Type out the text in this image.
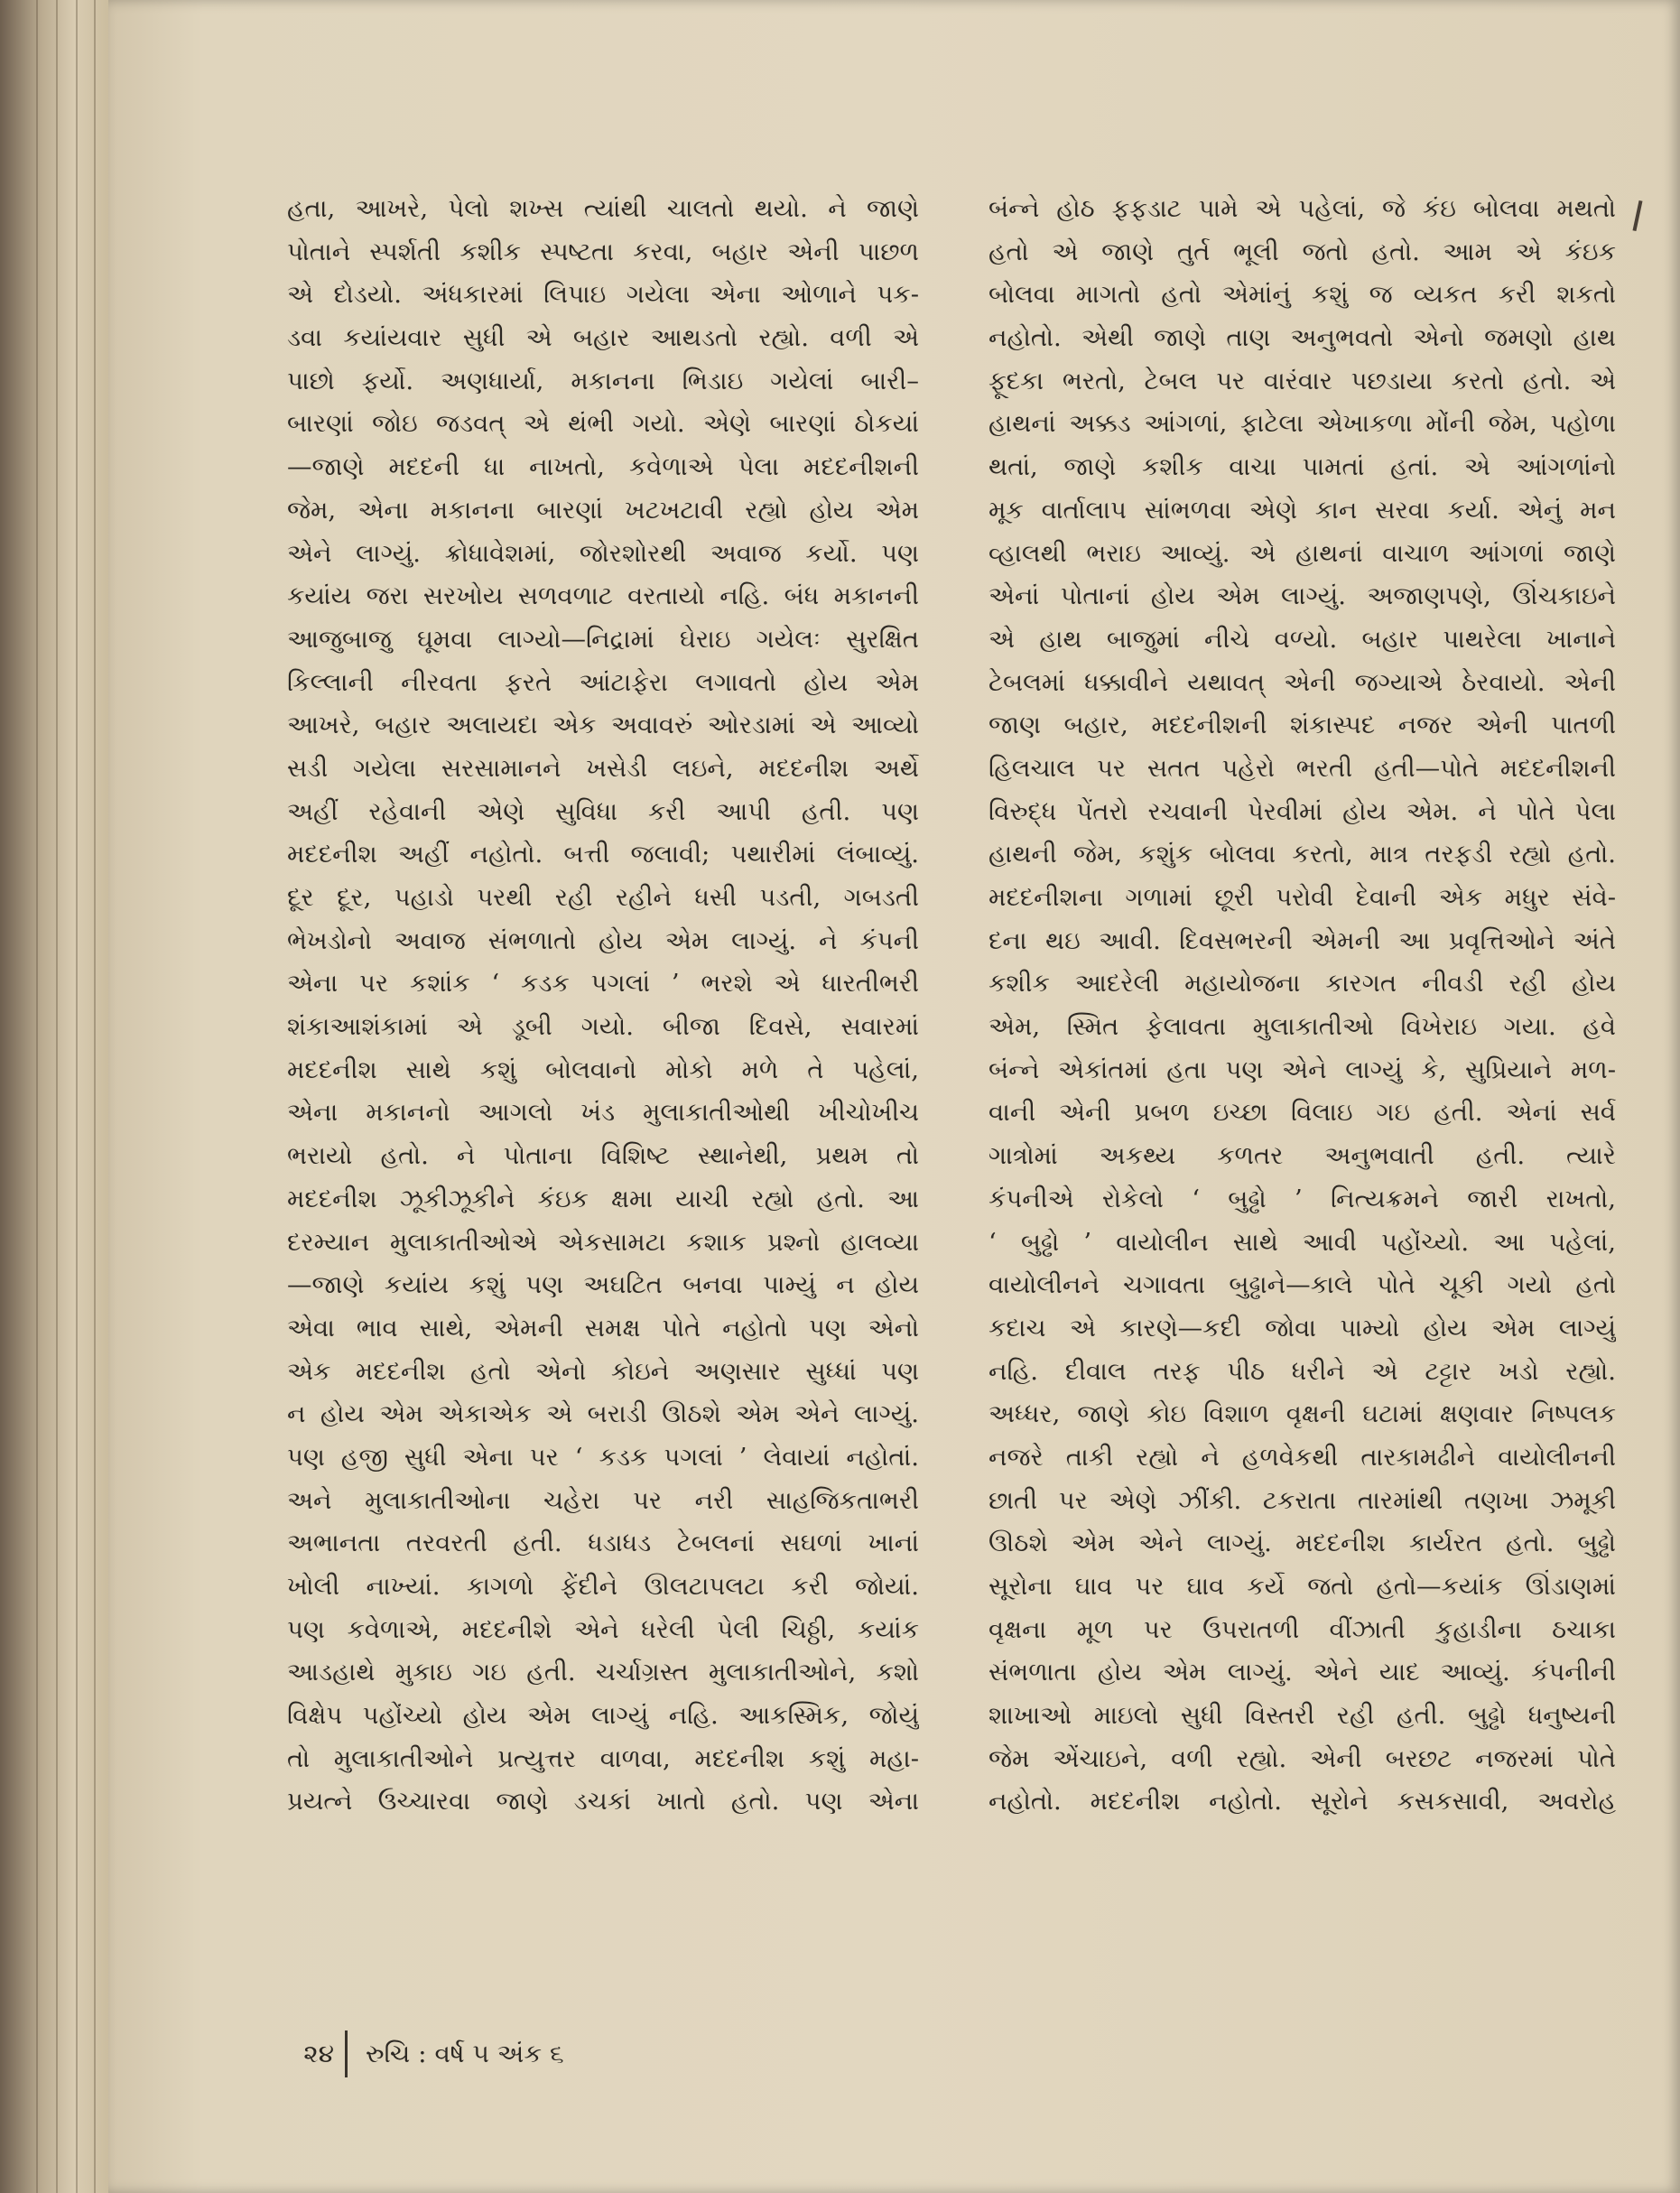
હતા, આખરે, પેલો શખ્સ ત્યાંથી ચાલતો થયો. ને જાણે
પોતાને સ્પર્શતી કશીક સ્પષ્ટતા કરવા, બહાર એની પાછળ
એ દોડયો. અંધકારમાં લિપાઇ ગયેલા એના ઓળાને પક-
ડવા કયાંયવાર સુધી એ બહાર આથડતો રહ્યો. વળી એ
પાછો ફર્યો. અણધાર્યા, મકાનના ભિડાઇ ગયેલાં બારી–
બારણાં જોઇ જડવત્ એ થંભી ગયો. એણે બારણાં ઠોકયાં
—જાણે મદદની ધા નાખતો, કવેળાએ પેલા મદદનીશની
જેમ, એના મકાનના બારણાં ખટખટાવી રહ્યો હોય એમ
એને લાગ્યું. ક્રોધાવેશમાં, જોરશોરથી અવાજ કર્યો. પણ
કયાંય જરા સરખોય સળવળાટ વરતાયો નહિ. બંધ મકાનની
આજુબાજુ ઘૂમવા લાગ્યો—નિદ્રામાં ઘેરાઇ ગયેલઃ સુરક્ષિત
કિલ્લાની નીરવતા ફરતે આંટાફેરા લગાવતો હોય એમ
આખરે, બહાર અલાયદા એક અવાવરું ઓરડામાં એ આવ્યો
સડી ગયેલા સરસામાનને ખસેડી લઇને, મદદનીશ અર્થે
અહીં રહેવાની એણે સુવિધા કરી આપી હતી. પણ
મદદનીશ અહીં નહોતો. બત્તી જલાવી; પથારીમાં લંબાવ્યું.
દૂર દૂર, પહાડો પરથી રહી રહીને ધસી પડતી, ગબડતી
ભેખડોનો અવાજ સંભળાતો હોય એમ લાગ્યું. ને કંપની
એના પર કશાંક ‘ કડક પગલાં ’ ભરશે એ ધારતીભરી
શંકાઆશંકામાં એ ડૂબી ગયો. બીજા દિવસે, સવારમાં
મદદનીશ સાથે કશું બોલવાનો મોકો મળે તે પહેલાં,
એના મકાનનો આગલો ખંડ મુલાકાતીઓથી ખીચોખીચ
ભરાયો હતો. ને પોતાના વિશિષ્ટ સ્થાનેથી, પ્રથમ તો
મદદનીશ ઝૂકીઝૂકીને કંઇક ક્ષમા યાચી રહ્યો હતો. આ
દરમ્યાન મુલાકાતીઓએ એકસામટા કશાક પ્રશ્નો હાલવ્યા
—જાણે કયાંય કશું પણ અઘટિત બનવા પામ્યું ન હોય
એવા ભાવ સાથે, એમની સમક્ષ પોતે નહોતો પણ એનો
એક મદદનીશ હતો એનો કોઇને અણસાર સુધ્ધાં પણ
ન હોય એમ એકાએક એ બરાડી ઊઠશે એમ એને લાગ્યું.
પણ હજી સુધી એના પર ‘ કડક પગલાં ’ લેવાયાં નહોતાં.
અને મુલાકાતીઓના ચહેરા પર નરી સાહજિકતાભરી
અભાનતા તરવરતી હતી. ધડાધડ ટેબલનાં સઘળાં ખાનાં
ખોલી નાખ્યાં. કાગળો ફેંદીને ઊલટાપલટા કરી જોયાં.
પણ કવેળાએ, મદદનીશે એને ધરેલી પેલી ચિઠ્ઠી, કયાંક
આડહાથે મુકાઇ ગઇ હતી. ચર્ચાગ્રસ્ત મુલાકાતીઓને, કશો
વિક્ષેપ પહોંચ્યો હોય એમ લાગ્યું નહિ. આકસ્મિક, જોયું
તો મુલાકાતીઓને પ્રત્યુત્તર વાળવા, મદદનીશ કશું મહા-
પ્રયત્ને ઉચ્ચારવા જાણે ડચકાં ખાતો હતો. પણ એના
બંન્ને હોઠ ફફડાટ પામે એ પહેલાં, જે કંઇ બોલવા મથતો
હતો એ જાણે તુર્ત ભૂલી જતો હતો. આમ એ કંઇક
બોલવા માગતો હતો એમાંનું કશું જ વ્યકત કરી શકતો
નહોતો. એથી જાણે તાણ અનુભવતો એનો જમણો હાથ
ફૂદકા ભરતો, ટેબલ પર વારંવાર પછડાયા કરતો હતો. એ
હાથનાં અક્કડ આંગળાં, ફાટેલા એખાકળા મોંની જેમ, પહોળા
થતાં, જાણે કશીક વાચા પામતાં હતાં. એ આંગળાંનો
મૂક વાર્તાલાપ સાંભળવા એણે કાન સરવા કર્યા. એનું મન
વ્હાલથી ભરાઇ આવ્યું. એ હાથનાં વાચાળ આંગળાં જાણે
એનાં પોતાનાં હોય એમ લાગ્યું. અજાણપણે, ઊંચકાઇને
એ હાથ બાજુમાં નીચે વળ્યો. બહાર પાથરેલા ખાનાને
ટેબલમાં ધક્કાવીને યથાવત્ એની જગ્યાએ ઠેરવાયો. એની
જાણ બહાર, મદદનીશની શંકાસ્પદ નજર એની પાતળી
હિલચાલ પર સતત પહેરો ભરતી હતી—પોતે મદદનીશની
વિરુદ્ધ પેંતરો રચવાની પેરવીમાં હોય એમ. ને પોતે પેલા
હાથની જેમ, કશુંક બોલવા કરતો, માત્ર તરફડી રહ્યો હતો.
મદદનીશના ગળામાં છૂરી પરોવી દેવાની એક મધુર સંવે-
દના થઇ આવી. દિવસભરની એમની આ પ્રવૃત્તિઓને અંતે
કશીક આદરેલી મહાયોજના કારગત નીવડી રહી હોય
એમ, સ્મિત ફેલાવતા મુલાકાતીઓ વિખેરાઇ ગયા. હવે
બંન્ને એકાંતમાં હતા પણ એને લાગ્યું કે, સુપ્રિયાને મળ-
વાની એની પ્રબળ ઇચ્છા વિલાઇ ગઇ હતી. એનાં સર્વ
ગાત્રોમાં અકથ્ય કળતર અનુભવાતી હતી. ત્યારે
કંપનીએ રોકેલો ‘ બુઢ્ઢો ’ નિત્યક્રમને જારી રાખતો,
‘ બુઢ્ઢો ’ વાયોલીન સાથે આવી પહોંચ્યો. આ પહેલાં,
વાયોલીનને ચગાવતા બુઢ્ઢાને—કાલે પોતે ચૂકી ગયો હતો
કદાચ એ કારણે—કદી જોવા પામ્યો હોય એમ લાગ્યું
નહિ. દીવાલ તરફ પીઠ ધરીને એ ટટ્ટાર ખડો રહ્યો.
અધ્ધર, જાણે કોઇ વિશાળ વૃક્ષની ઘટામાં ક્ષણવાર નિષ્પલક
નજરે તાકી રહ્યો ને હળવેકથી તારકામઢીને વાયોલીનની
છાતી પર એણે ઝીંકી. ટકરાતા તારમાંથી તણખા ઝમૂકી
ઊઠશે એમ એને લાગ્યું. મદદનીશ કાર્યરત હતો. બુઢ્ઢો
સૂરોના ઘાવ પર ઘાવ કર્યે જતો હતો—કયાંક ઊંડાણમાં
વૃક્ષના મૂળ પર ઉપરાતળી વીંઝાતી કુહાડીના ઠચાકા
સંભળાતા હોય એમ લાગ્યું. એને યાદ આવ્યું. કંપનીની
શાખાઓ માઇલો સુધી વિસ્તરી રહી હતી. બુઢ્ઢો ધનુષ્યની
જેમ એંચાઇને, વળી રહ્યો. એની બરછટ નજરમાં પોતે
નહોતો. મદદનીશ નહોતો. સૂરોને કસકસાવી, અવરોહ
૨૪	રુચિ : વર્ષ ૫ અંક ૬
